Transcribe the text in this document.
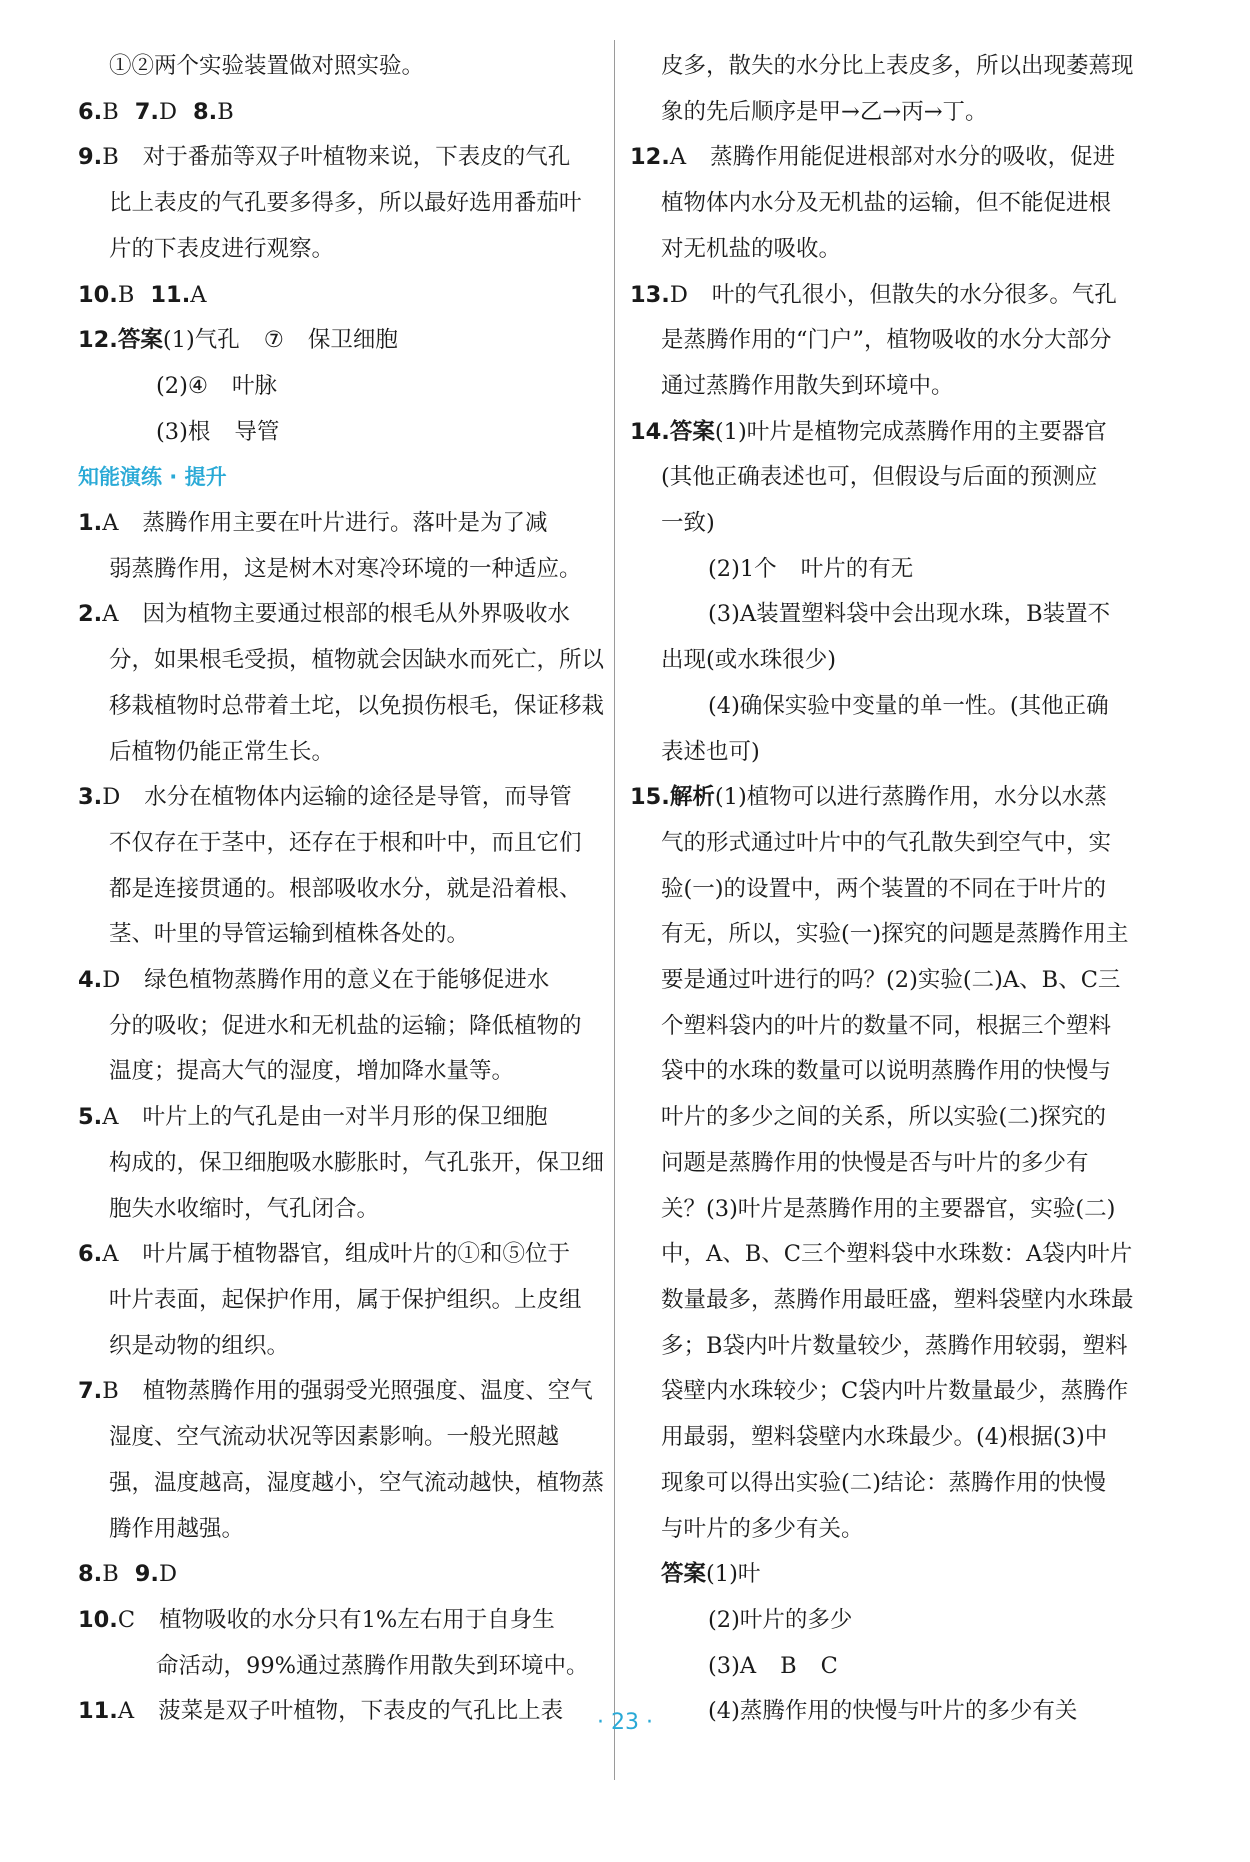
①②两个实验装置做对照实验。
6.B 7.D 8.B
9.B 对于番茄等双子叶植物来说，下表皮的气孔
比上表皮的气孔要多得多，所以最好选用番茄叶
片的下表皮进行观察。
10.B 11.A
12.答案(1)气孔 ⑦ 保卫细胞
(2)④ 叶脉
(3)根 导管
知能演练 · 提升
1.A 蒸腾作用主要在叶片进行。落叶是为了减
弱蒸腾作用，这是树木对寒冷环境的一种适应。
2.A 因为植物主要通过根部的根毛从外界吸收水
分，如果根毛受损，植物就会因缺水而死亡，所以
移栽植物时总带着土坨，以免损伤根毛，保证移栽
后植物仍能正常生长。
3.D 水分在植物体内运输的途径是导管，而导管
不仅存在于茎中，还存在于根和叶中，而且它们
都是连接贯通的。根部吸收水分，就是沿着根、
茎、叶里的导管运输到植株各处的。
4.D 绿色植物蒸腾作用的意义在于能够促进水
分的吸收；促进水和无机盐的运输；降低植物的
温度；提高大气的湿度，增加降水量等。
5.A 叶片上的气孔是由一对半月形的保卫细胞
构成的，保卫细胞吸水膨胀时，气孔张开，保卫细
胞失水收缩时，气孔闭合。
6.A 叶片属于植物器官，组成叶片的①和⑤位于
叶片表面，起保护作用，属于保护组织。上皮组
织是动物的组织。
7.B 植物蒸腾作用的强弱受光照强度、温度、空气
湿度、空气流动状况等因素影响。一般光照越
强，温度越高，湿度越小，空气流动越快，植物蒸
腾作用越强。
8.B 9.D
10.C 植物吸收的水分只有1%左右用于自身生
命活动，99%通过蒸腾作用散失到环境中。
11.A 菠菜是双子叶植物，下表皮的气孔比上表
皮多，散失的水分比上表皮多，所以出现萎蔫现
象的先后顺序是甲→乙→丙→丁。
12.A 蒸腾作用能促进根部对水分的吸收，促进
植物体内水分及无机盐的运输，但不能促进根
对无机盐的吸收。
13.D 叶的气孔很小，但散失的水分很多。气孔
是蒸腾作用的“门户”，植物吸收的水分大部分
通过蒸腾作用散失到环境中。
14.答案(1)叶片是植物完成蒸腾作用的主要器官
(其他正确表述也可，但假设与后面的预测应
一致)
(2)1个 叶片的有无
(3)A装置塑料袋中会出现水珠，B装置不
出现(或水珠很少)
(4)确保实验中变量的单一性。(其他正确
表述也可)
15.解析(1)植物可以进行蒸腾作用，水分以水蒸
气的形式通过叶片中的气孔散失到空气中，实
验(一)的设置中，两个装置的不同在于叶片的
有无，所以，实验(一)探究的问题是蒸腾作用主
要是通过叶进行的吗？(2)实验(二)A、B、C三
个塑料袋内的叶片的数量不同，根据三个塑料
袋中的水珠的数量可以说明蒸腾作用的快慢与
叶片的多少之间的关系，所以实验(二)探究的
问题是蒸腾作用的快慢是否与叶片的多少有
关？(3)叶片是蒸腾作用的主要器官，实验(二)
中，A、B、C三个塑料袋中水珠数：A袋内叶片
数量最多，蒸腾作用最旺盛，塑料袋壁内水珠最
多；B袋内叶片数量较少，蒸腾作用较弱，塑料
袋壁内水珠较少；C袋内叶片数量最少，蒸腾作
用最弱，塑料袋壁内水珠最少。(4)根据(3)中
现象可以得出实验(二)结论：蒸腾作用的快慢
与叶片的多少有关。
答案(1)叶
(2)叶片的多少
(3)A B C
(4)蒸腾作用的快慢与叶片的多少有关
· 23 ·
